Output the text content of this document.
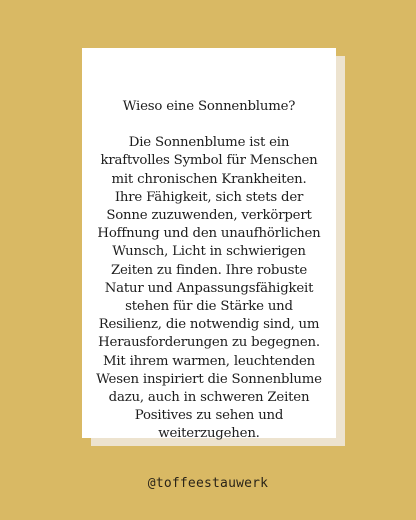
Wieso eine Sonnenblume?

Die Sonnenblume ist ein kraftvolles Symbol für Menschen mit chronischen Krankheiten. Ihre Fähigkeit, sich stets der Sonne zuzuwenden, verkörpert Hoffnung und den unaufhörlichen Wunsch, Licht in schwierigen Zeiten zu finden. Ihre robuste Natur und Anpassungsfähigkeit stehen für die Stärke und Resilienz, die notwendig sind, um Herausforderungen zu begegnen. Mit ihrem warmen, leuchtenden Wesen inspiriert die Sonnenblume dazu, auch in schweren Zeiten Positives zu sehen und weiterzugehen.

@toffeestauwerk
